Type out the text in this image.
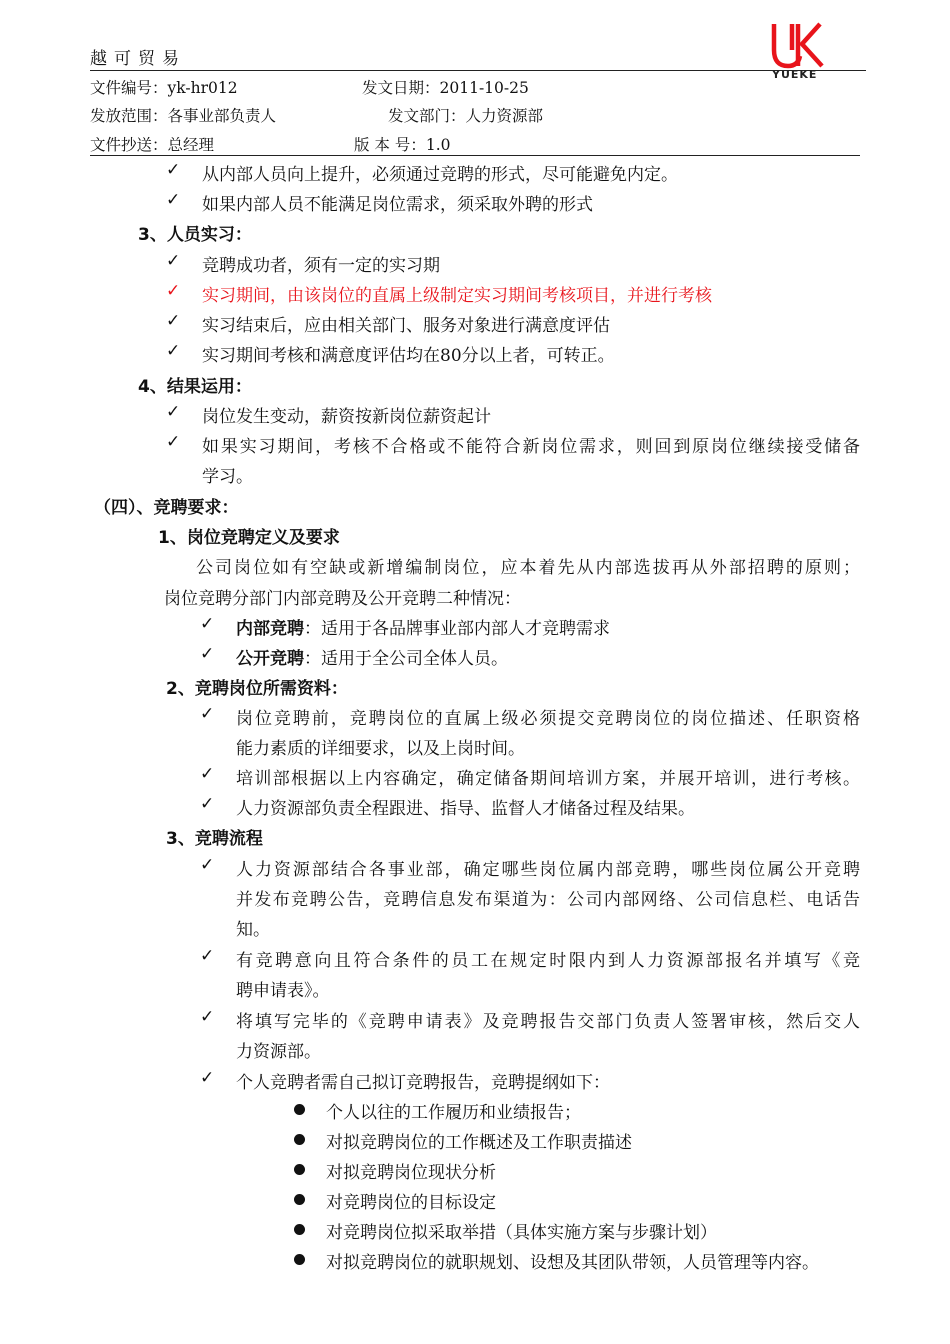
越可贸易
YUEKE
文件编号：yk-hr012	发文日期：2011-10-25
发放范围：各事业部负责人	发文部门：人力资源部
文件抄送：总经理	版 本 号：1.0
✓ 从内部人员向上提升，必须通过竞聘的形式，尽可能避免内定。
✓ 如果内部人员不能满足岗位需求，须采取外聘的形式
3、人员实习：
✓ 竞聘成功者，须有一定的实习期
✓ 实习期间，由该岗位的直属上级制定实习期间考核项目，并进行考核
✓ 实习结束后，应由相关部门、服务对象进行满意度评估
✓ 实习期间考核和满意度评估均在80分以上者，可转正。
4、结果运用：
✓ 岗位发生变动，薪资按新岗位薪资起计
✓ 如果实习期间，考核不合格或不能符合新岗位需求，则回到原岗位继续接受储备
学习。
（四）、竞聘要求：
1、岗位竞聘定义及要求
公司岗位如有空缺或新增编制岗位，应本着先从内部选拔再从外部招聘的原则；
岗位竞聘分部门内部竞聘及公开竞聘二种情况：
✓ 内部竞聘：适用于各品牌事业部内部人才竞聘需求
✓ 公开竞聘：适用于全公司全体人员。
2、竞聘岗位所需资料：
✓ 岗位竞聘前，竞聘岗位的直属上级必须提交竞聘岗位的岗位描述、任职资格
能力素质的详细要求，以及上岗时间。
✓ 培训部根据以上内容确定，确定储备期间培训方案，并展开培训，进行考核。
✓ 人力资源部负责全程跟进、指导、监督人才储备过程及结果。
3、竞聘流程
✓ 人力资源部结合各事业部，确定哪些岗位属内部竞聘，哪些岗位属公开竞聘
并发布竞聘公告，竞聘信息发布渠道为：公司内部网络、公司信息栏、电话告
知。
✓ 有竞聘意向且符合条件的员工在规定时限内到人力资源部报名并填写《竞
聘申请表》。
✓ 将填写完毕的《竞聘申请表》及竞聘报告交部门负责人签署审核，然后交人
力资源部。
✓ 个人竞聘者需自己拟订竞聘报告，竞聘提纲如下：
个人以往的工作履历和业绩报告；
对拟竞聘岗位的工作概述及工作职责描述
对拟竞聘岗位现状分析
对竞聘岗位的目标设定
对竞聘岗位拟采取举措（具体实施方案与步骤计划）
对拟竞聘岗位的就职规划、设想及其团队带领，人员管理等内容。
